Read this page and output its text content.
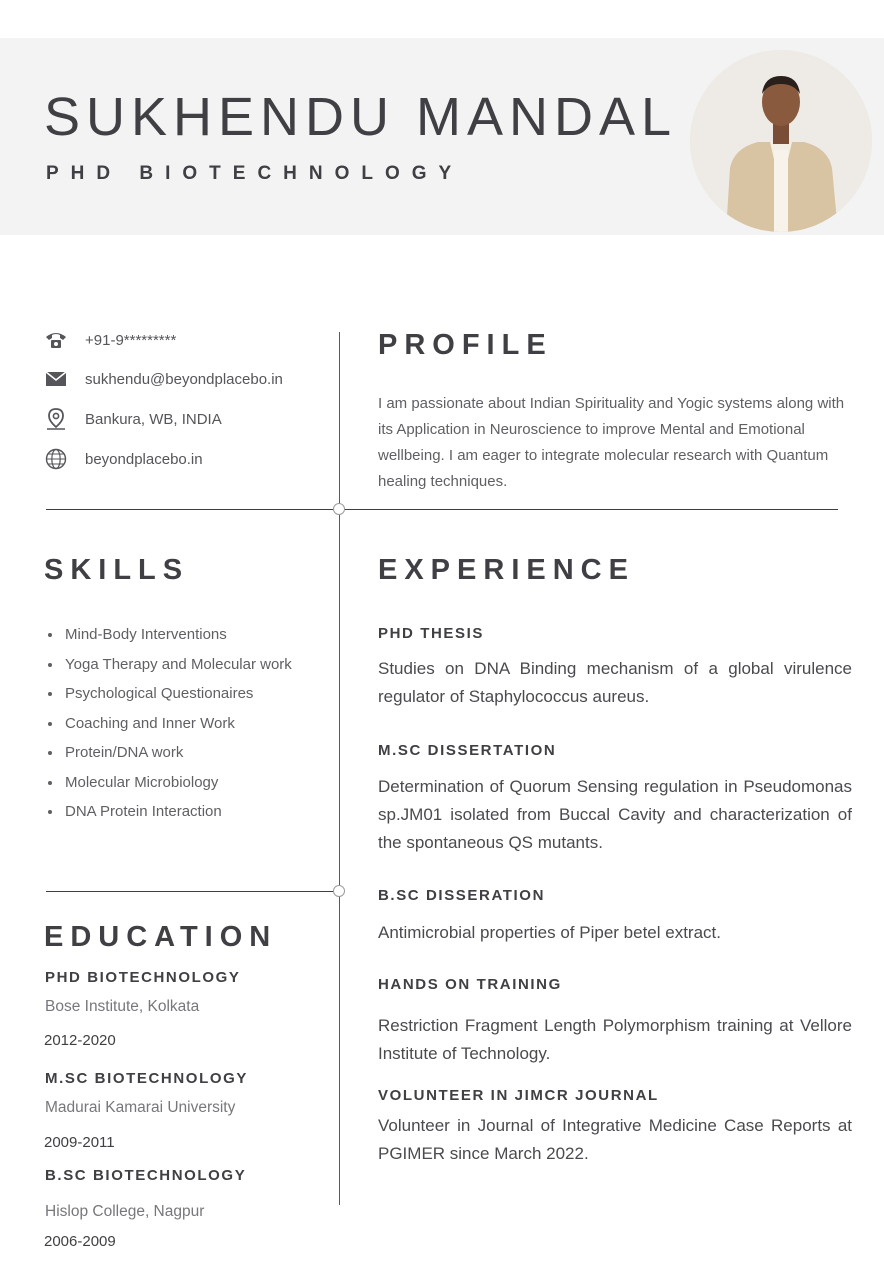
SUKHENDU MANDAL
PHD BIOTECHNOLOGY
+91-9*********
sukhendu@beyondplacebo.in
Bankura, WB, INDIA
beyondplacebo.in
PROFILE

I am passionate about Indian Spirituality and Yogic systems along with its Application in Neuroscience to improve Mental and Emotional wellbeing. I am eager to integrate molecular research with Quantum healing techniques.

SKILLS
Mind-Body Interventions
Yoga Therapy and Molecular work
Psychological Questionaires
Coaching and Inner Work
Protein/DNA work
Molecular Microbiology
DNA Protein Interaction
EXPERIENCE
PHD THESIS

Studies on DNA Binding mechanism of a global virulence regulator of Staphylococcus aureus.

M.SC DISSERTATION

Determination of Quorum Sensing regulation in Pseudomonas sp.JM01 isolated from Buccal Cavity and characterization of the spontaneous QS mutants.

B.SC DISSERATION

Antimicrobial properties of Piper betel extract.

HANDS ON TRAINING

Restriction Fragment Length Polymorphism training at Vellore Institute of Technology.

VOLUNTEER IN JIMCR JOURNAL

Volunteer in Journal of Integrative Medicine Case Reports at PGIMER since March 2022.

EDUCATION
PHD BIOTECHNOLOGY

Bose Institute, Kolkata

2012-2020

M.SC BIOTECHNOLOGY

Madurai Kamarai University

2009-2011

B.SC BIOTECHNOLOGY

Hislop College, Nagpur

2006-2009
